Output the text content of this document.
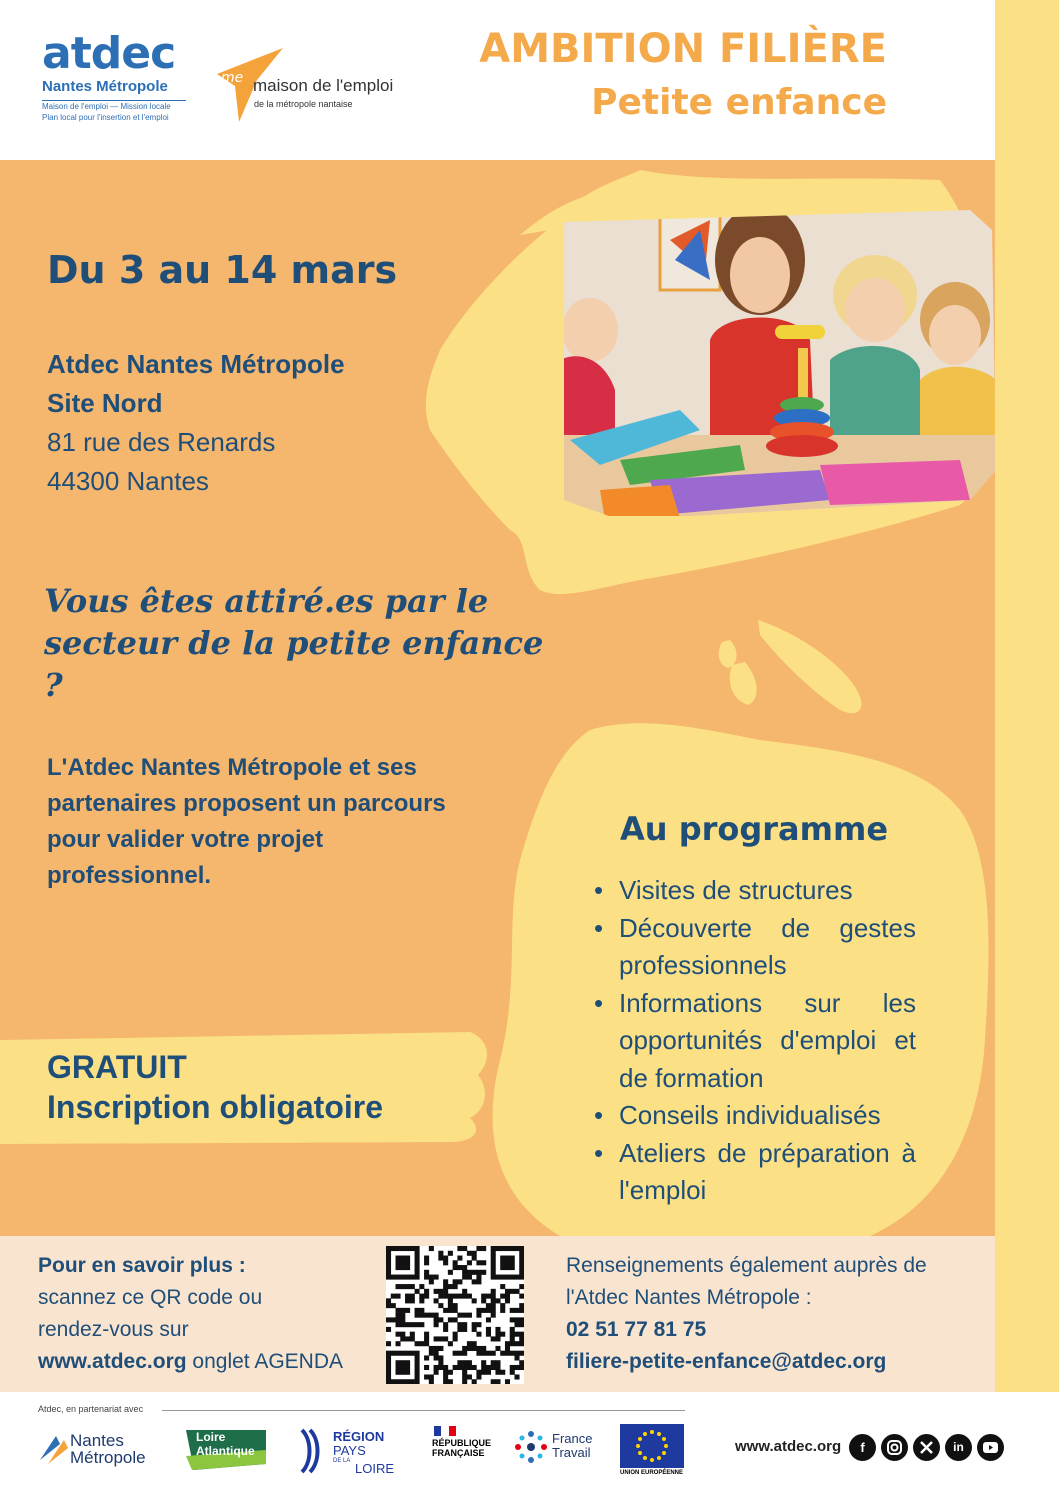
atdec
Nantes Métropole
Maison de l'emploi — Mission locale
Plan local pour l'insertion et l'emploi
me maison de l'emploi
de la métropole nantaise
AMBITION FILIÈRE
Petite enfance
Du 3 au 14 mars
Atdec Nantes Métropole
Site Nord
81 rue des Renards
44300 Nantes
Vous êtes attiré.es par le
secteur de la petite enfance ?
L'Atdec Nantes Métropole et ses partenaires proposent un parcours pour valider votre projet professionnel.
GRATUIT
Inscription obligatoire
Au programme
• Visites de structures
• Découverte de gestes professionnels
• Informations sur les opportunités d'emploi et de formation
• Conseils individualisés
• Ateliers de préparation à l'emploi
Pour en savoir plus :
scannez ce QR code ou
rendez-vous sur
www.atdec.org onglet AGENDA
Renseignements également auprès de
l'Atdec Nantes Métropole :
02 51 77 81 75
filiere-petite-enfance@atdec.org
Atdec, en partenariat avec
Nantes Métropole
Loire
Atlantique
RÉGION
PAYS
DE LA LOIRE
RÉPUBLIQUE
FRANÇAISE
France
Travail
UNION EUROPÉENNE
www.atdec.org	f	in
